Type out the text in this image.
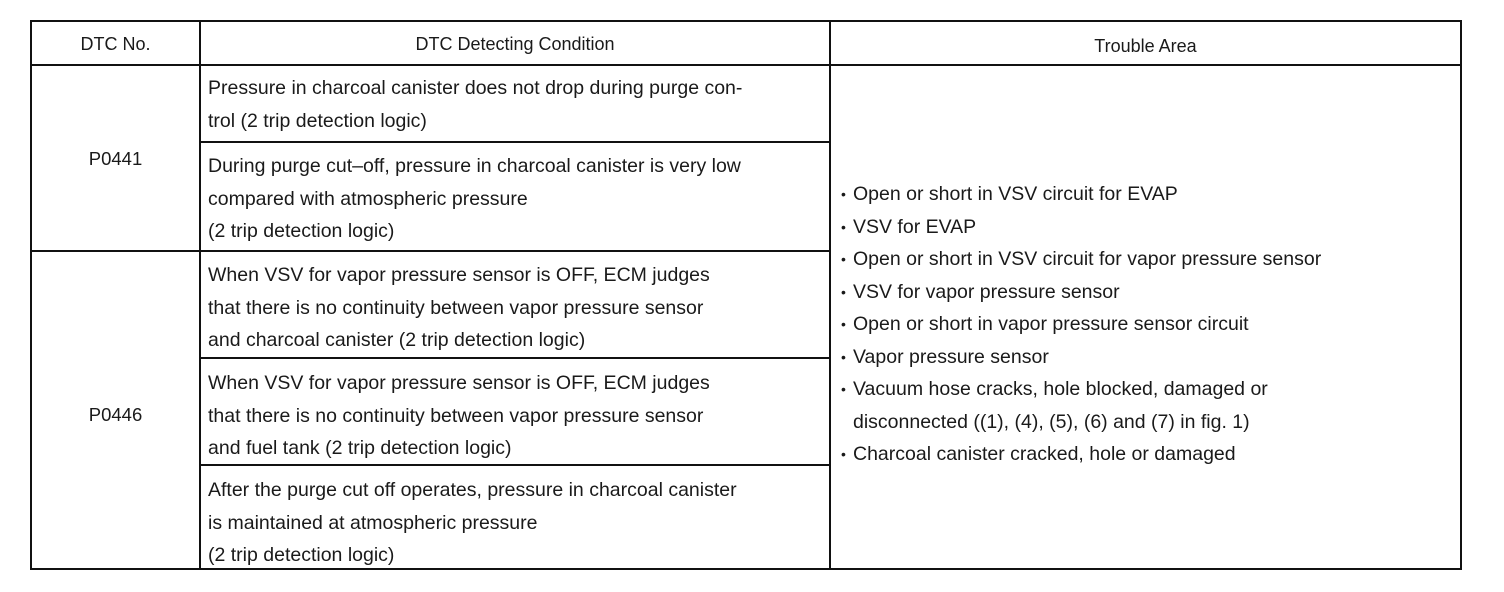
DTC No.	DTC Detecting Condition	Trouble Area
P0441
P0446
Pressure in charcoal canister does not drop during purge con-
trol (2 trip detection logic)
During purge cut–off, pressure in charcoal canister is very low
compared with atmospheric pressure
(2 trip detection logic)
When VSV for vapor pressure sensor is OFF, ECM judges
that there is no continuity between vapor pressure sensor
and charcoal canister (2 trip detection logic)
When VSV for vapor pressure sensor is OFF, ECM judges
that there is no continuity between vapor pressure sensor
and fuel tank (2 trip detection logic)
After the purge cut off operates, pressure in charcoal canister
is maintained at atmospheric pressure
(2 trip detection logic)
• Open or short in VSV circuit for EVAP
• VSV for EVAP
• Open or short in VSV circuit for vapor pressure sensor
• VSV for vapor pressure sensor
• Open or short in vapor pressure sensor circuit
• Vapor pressure sensor
• Vacuum hose cracks, hole blocked, damaged or
disconnected ((1), (4), (5), (6) and (7) in fig. 1)
• Charcoal canister cracked, hole or damaged
